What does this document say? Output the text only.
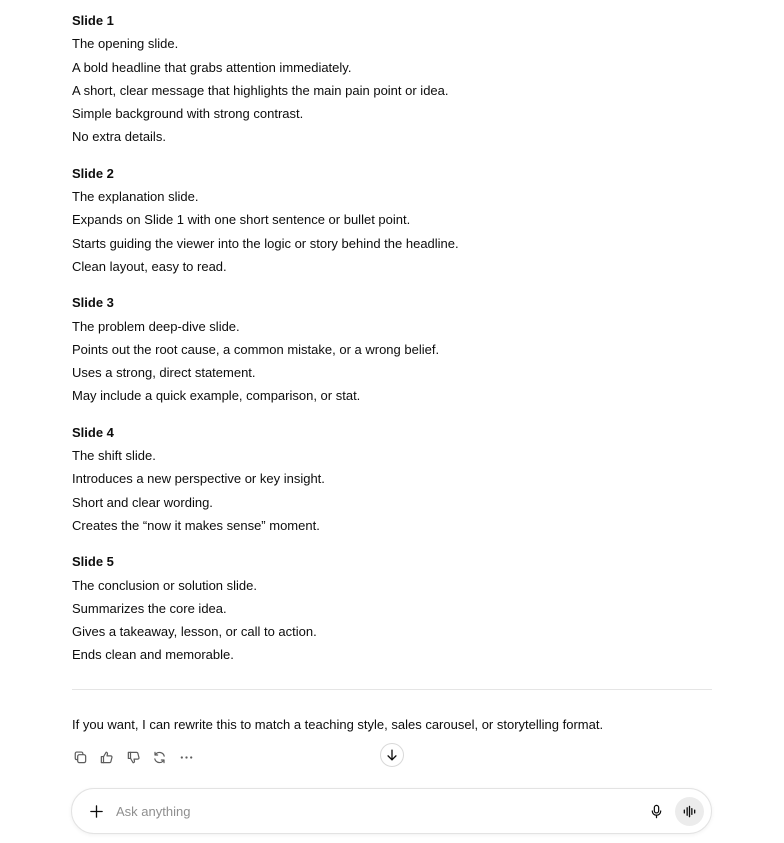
Slide 1
The opening slide.
A bold headline that grabs attention immediately.
A short, clear message that highlights the main pain point or idea.
Simple background with strong contrast.
No extra details.
Slide 2
The explanation slide.
Expands on Slide 1 with one short sentence or bullet point.
Starts guiding the viewer into the logic or story behind the headline.
Clean layout, easy to read.
Slide 3
The problem deep-dive slide.
Points out the root cause, a common mistake, or a wrong belief.
Uses a strong, direct statement.
May include a quick example, comparison, or stat.
Slide 4
The shift slide.
Introduces a new perspective or key insight.
Short and clear wording.
Creates the “now it makes sense” moment.
Slide 5
The conclusion or solution slide.
Summarizes the core idea.
Gives a takeaway, lesson, or call to action.
Ends clean and memorable.
If you want, I can rewrite this to match a teaching style, sales carousel, or storytelling format.
Ask anything
